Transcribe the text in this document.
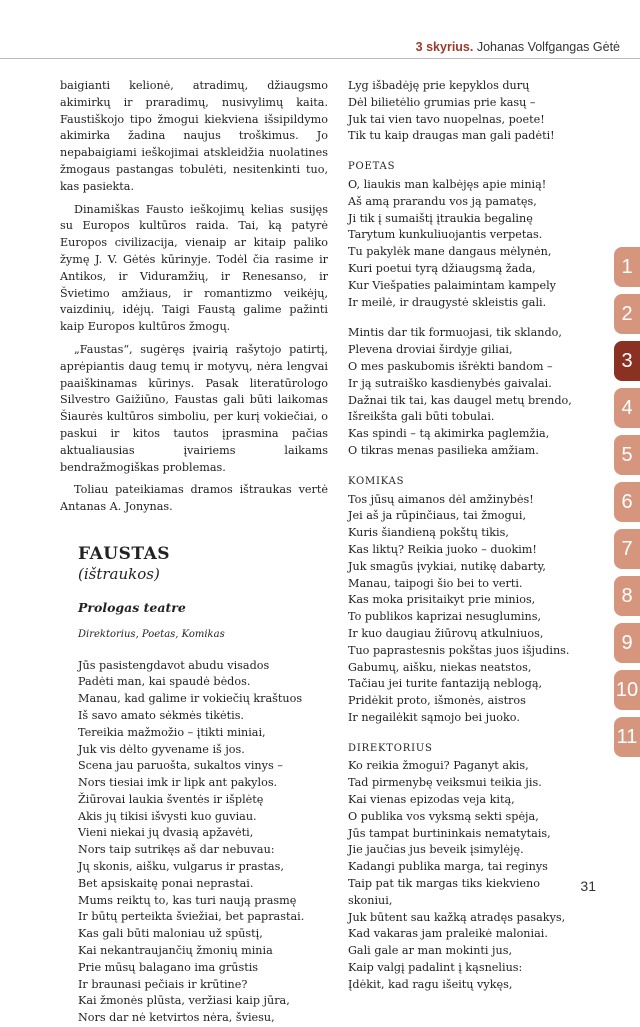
3 skyrius. Johanas Volfgangas Gėtė

baigianti kelionė, atradimų, džiaugsmo akimirkų ir praradimų, nusivylimų kaita. Faustiškojo tipo žmogui kiekviena išsipildymo akimirka žadina naujus troškimus. Jo nepabaigiami ieškojimai atskleidžia nuolatines žmogaus pastangas tobulėti, nesitenkinti tuo, kas pasiekta.

Dinamiškas Fausto ieškojimų kelias susijęs su Europos kultūros raida. Tai, ką patyrė Europos civilizacija, vienaip ar kitaip paliko žymę J. V. Gėtės kūrinyje. Todėl čia rasime ir Antikos, ir Viduramžių, ir Renesanso, ir Švietimo amžiaus, ir romantizmo veikėjų, vaizdinių, idėjų. Taigi Faustą galime pažinti kaip Europos kultūros žmogų.

„Faustas“, sugėręs įvairią rašytojo patirtį, aprėpiantis daug temų ir motyvų, nėra lengvai paaiškinamas kūrinys. Pasak literatūrologo Silvestro Gaižiūno, Faustas gali būti laikomas Šiaurės kultūros simboliu, per kurį vokiečiai, o paskui ir kitos tautos įprasmina pačias aktualiausias įvairiems laikams bendražmogiškas problemas.

Toliau pateikiamas dramos ištraukas vertė Antanas A. Jonynas.

FAUSTAS
(ištraukos)
Prologas teatre
Direktorius, Poetas, Komikas
Jūs pasistengdavot abudu visados
Padėti man, kai spaudė bėdos.
Manau, kad galime ir vokiečių kraštuos
Iš savo amato sėkmės tikėtis.
Tereikia mažmožio – įtikti miniai,
Juk vis dėlto gyvename iš jos.
Scena jau paruošta, sukaltos vinys –
Nors tiesiai imk ir lipk ant pakylos.
Žiūrovai laukia šventės ir išplėtę
Akis jų tikisi išvysti kuo guviau.
Vieni niekai jų dvasią apžavėti,
Nors taip sutrikęs aš dar nebuvau:
Jų skonis, aišku, vulgarus ir prastas,
Bet apsiskaitę ponai neprastai.
Mums reiktų to, kas turi naują prasmę
Ir būtų perteikta šviežiai, bet paprastai.
Kas gali būti maloniau už spūstį,
Kai nekantraujančių žmonių minia
Prie mūsų balagano ima grūstis
Ir braunasi pečiais ir krūtine?
Kai žmonės plūsta, veržiasi kaip jūra,
Nors dar nė ketvirtos nėra, šviesu,
Lyg išbadėję prie kepyklos durų
Dėl bilietėlio grumias prie kasų –
Juk tai vien tavo nuopelnas, poete!
Tik tu kaip draugas man gali padėti!
POETAS
O, liaukis man kalbėjęs apie minią!
Aš amą prarandu vos ją pamatęs,
Ji tik į sumaištį įtraukia begalinę
Tarytum kunkuliuojantis verpetas.
Tu pakylėk mane dangaus mėlynėn,
Kuri poetui tyrą džiaugsmą žada,
Kur Viešpaties palaimintam kampely
Ir meilė, ir draugystė skleistis gali.
Mintis dar tik formuojasi, tik sklando,
Plevena droviai širdyje giliai,
O mes paskubomis išrėkti bandom –
Ir ją sutraiško kasdienybės gaivalai.
Dažnai tik tai, kas daugel metų brendo,
Išreikšta gali būti tobulai.
Kas spindi – tą akimirka paglemžia,
O tikras menas pasilieka amžiam.
KOMIKAS
Tos jūsų aimanos dėl amžinybės!
Jei aš ja rūpinčiaus, tai žmogui,
Kuris šiandieną pokštų tikis,
Kas liktų? Reikia juoko – duokim!
Juk smagūs įvykiai, nutikę dabarty,
Manau, taipogi šio bei to verti.
Kas moka prisitaikyt prie minios,
To publikos kaprizai nesuglumins,
Ir kuo daugiau žiūrovų atkulniuos,
Tuo paprastesnis pokštas juos išjudins.
Gabumų, aišku, niekas neatstos,
Tačiau jei turite fantaziją neblogą,
Pridėkit proto, išmonės, aistros
Ir negailėkit sąmojo bei juoko.
DIREKTORIUS
Ko reikia žmogui? Paganyt akis,
Tad pirmenybę veiksmui teikia jis.
Kai vienas epizodas veja kitą,
O publika vos vyksmą sekti spėja,
Jūs tampat burtininkais nematytais,
Jie jaučias jus beveik įsimylėję.
Kadangi publika marga, tai reginys
Taip pat tik margas tiks kiekvieno skoniui,
Juk būtent sau kažką atradęs pasakys,
Kad vakaras jam praleikė maloniai.
Gali gale ar man mokinti jus,
Kaip valgį padalint į kąsnelius:
Įdėkit, kad ragu išeitų vykęs,
1
2
3
4
5
6
7
8
9
10
11
31
